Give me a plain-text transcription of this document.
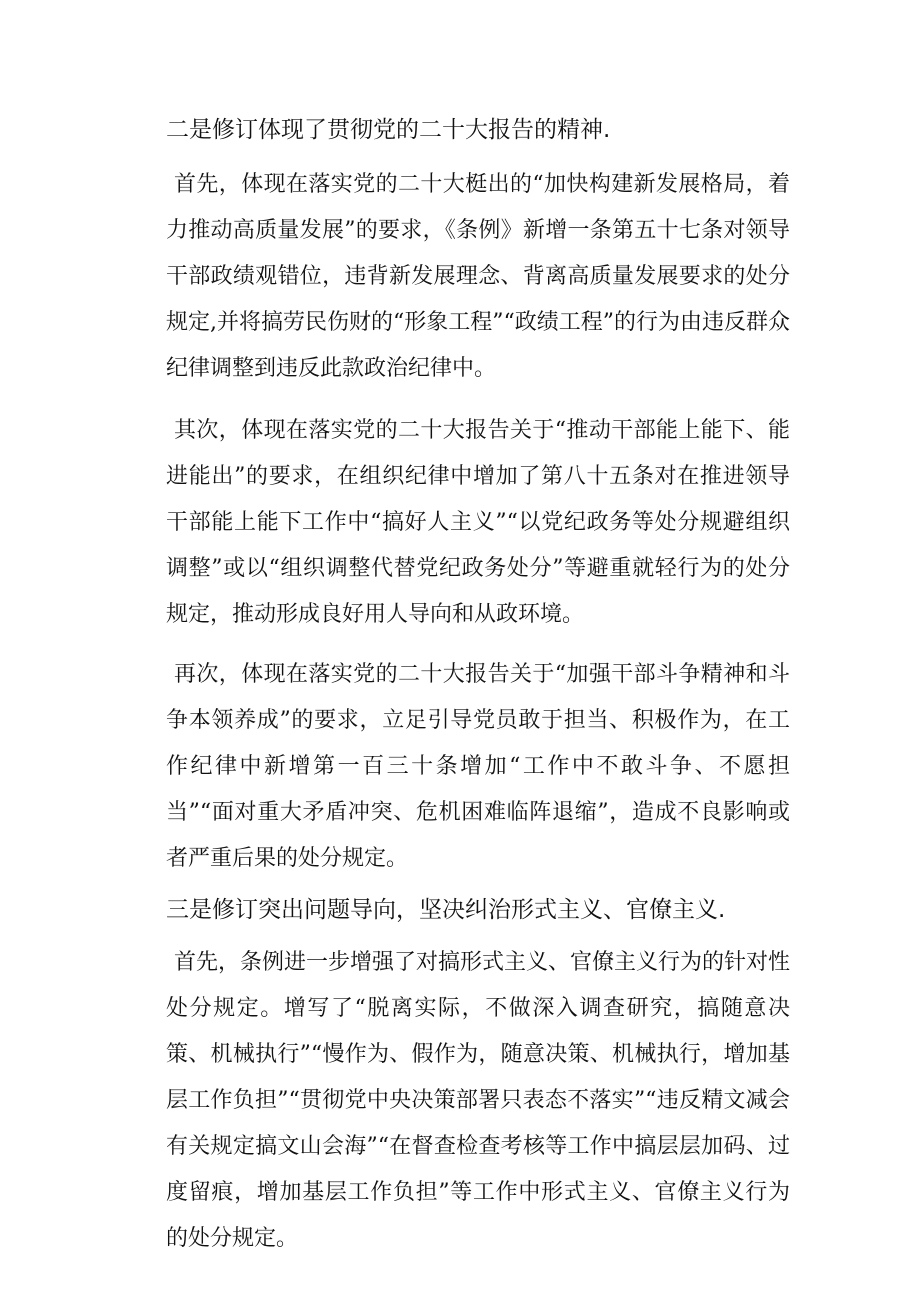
二是修订体现了贯彻党的二十大报告的精神.

首先，体现在落实党的二十大梃出的“加快构建新发展格局，着力推动高质量发展”的要求，《条例》新增一条第五十七条对领导干部政绩观错位，违背新发展理念、背离高质量发展要求的处分规定,并将搞劳民伤财的“形象工程”“政绩工程”的行为由违反群众纪律调整到违反此款政治纪律中。

其次，体现在落实党的二十大报告关于“推动干部能上能下、能进能出”的要求，在组织纪律中增加了第八十五条对在推进领导干部能上能下工作中“搞好人主义”“以党纪政务等处分规避组织调整”或以“组织调整代替党纪政务处分”等避重就轻行为的处分规定，推动形成良好用人导向和从政环境。

再次，体现在落实党的二十大报告关于“加强干部斗争精神和斗争本领养成”的要求，立足引导党员敢于担当、积极作为，在工作纪律中新增第一百三十条增加“工作中不敢斗争、不愿担当”“面对重大矛盾冲突、危机困难临阵退缩”，造成不良影响或者严重后果的处分规定。

三是修订突出问题导向，坚决纠治形式主义、官僚主义.

首先，条例进一步增强了对搞形式主义、官僚主义行为的针对性处分规定。增写了“脱离实际，不做深入调查研究，搞随意决策、机械执行”“慢作为、假作为，随意决策、机械执行，增加基层工作负担”“贯彻党中央决策部署只表态不落实”“违反精文减会有关规定搞文山会海”“在督查检查考核等工作中搞层层加码、过度留痕，增加基层工作负担”等工作中形式主义、官僚主义行为的处分规定。
